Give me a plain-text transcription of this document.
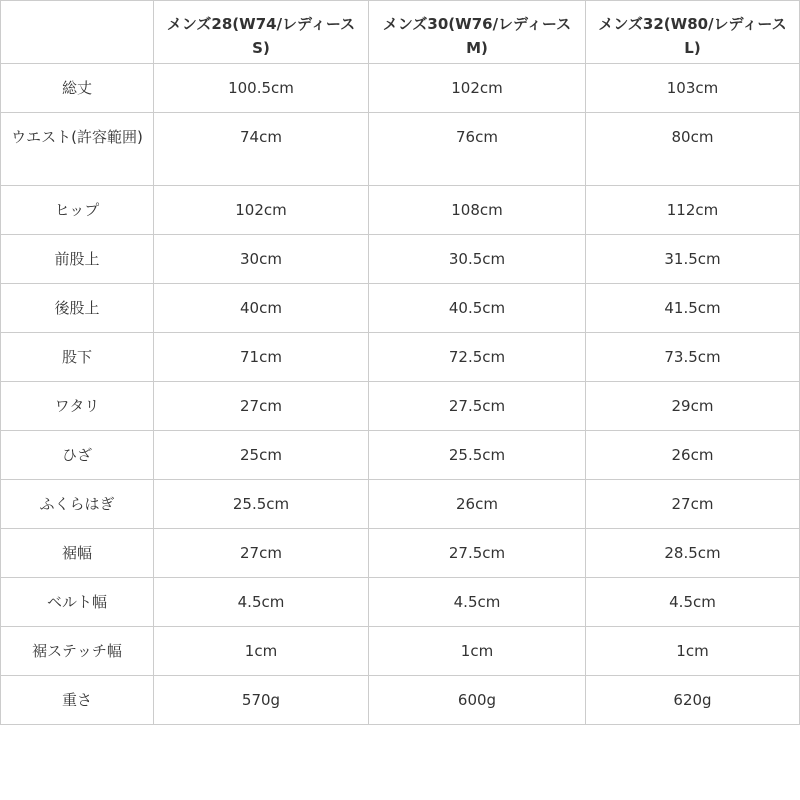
	メンズ28(W74/レディースS)	メンズ30(W76/レディースM)	メンズ32(W80/レディースL)
総丈	100.5cm	102cm	103cm
ウエスト(許容範囲)	74cm	76cm	80cm
ヒップ	102cm	108cm	112cm
前股上	30cm	30.5cm	31.5cm
後股上	40cm	40.5cm	41.5cm
股下	71cm	72.5cm	73.5cm
ワタリ	27cm	27.5cm	29cm
ひざ	25cm	25.5cm	26cm
ふくらはぎ	25.5cm	26cm	27cm
裾幅	27cm	27.5cm	28.5cm
ベルト幅	4.5cm	4.5cm	4.5cm
裾ステッチ幅	1cm	1cm	1cm
重さ	570g	600g	620g
